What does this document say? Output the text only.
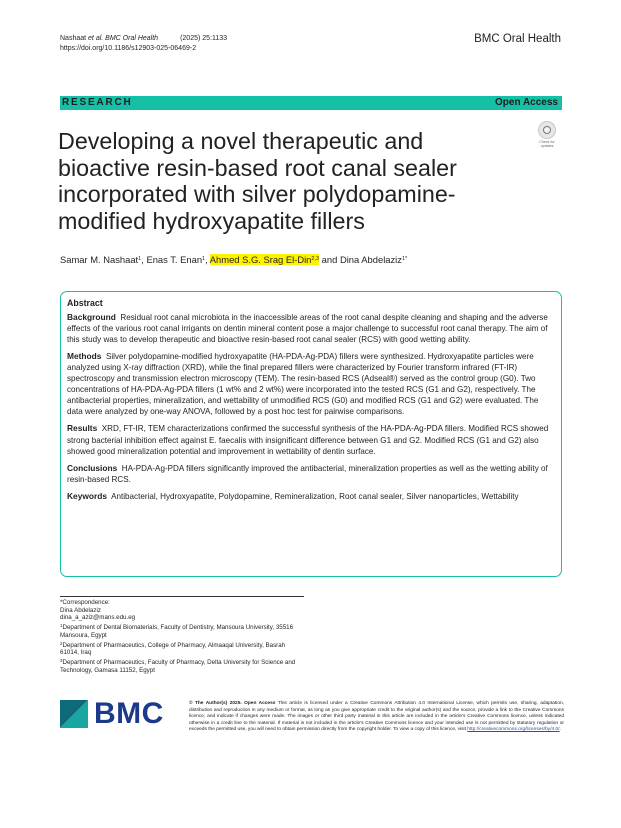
Nashaat et al. BMC Oral Health	(2025) 25:1133
https://doi.org/10.1186/s12903-025-06469-2
BMC Oral Health
RESEARCH	Open Access
Developing a novel therapeutic and bioactive resin-based root canal sealer incorporated with silver polydopamine-modified hydroxyapatite fillers
Check for updates
Samar M. Nashaat$^1$, Enas T. Enan$^1$, Ahmed S.G. Srag El-Din$^{2,3}$ and Dina Abdelaziz$^{1*}$
Abstract

Background Residual root canal microbiota in the inaccessible areas of the root canal despite cleaning and shaping and the adverse effects of the various root canal irrigants on dentin mineral content pose a major challenge to successful root canal therapy. The aim of this study was to develop therapeutic and bioactive resin-based root canal sealer (RCS) with good wetting ability.

Methods Silver polydopamine-modified hydroxyapatite (HA-PDA-Ag-PDA) fillers were synthesized. Hydroxyapatite particles were analyzed using X-ray diffraction (XRD), while the final prepared fillers were characterized by Fourier transform infrared (FT-IR) spectroscopy and transmission electron microscopy (TEM). The resin-based RCS (Adseal®) served as the control group (G0). Two concentrations of HA-PDA-Ag-PDA fillers (1 wt% and 2 wt%) were incorporated into the tested RCS (G1 and G2), respectively. The antibacterial properties, mineralization, and wettability of unmodified RCS (G0) and modified RCS (G1 and G2) were evaluated. The data were analyzed by one-way ANOVA, followed by a post hoc test for pairwise comparisons.

Results XRD, FT-IR, TEM characterizations confirmed the successful synthesis of the HA-PDA-Ag-PDA fillers. Modified RCS showed strong bacterial inhibition effect against E. faecalis with insignificant difference between G1 and G2. Modified RCS (G1 and G2) also showed good mineralization potential and improvement in wettability of dentin surface.

Conclusions HA-PDA-Ag-PDA fillers significantly improved the antibacterial, mineralization properties as well as the wetting ability of resin-based RCS.

Keywords Antibacterial, Hydroxyapatite, Polydopamine, Remineralization, Root canal sealer, Silver nanoparticles, Wettability

*Correspondence:
Dina Abdelaziz
dina_a_aziz@mans.edu.eg
$^1$Department of Dental Biomaterials, Faculty of Dentistry, Mansoura University, 35516 Mansoura, Egypt
$^2$Department of Pharmaceutics, College of Pharmacy, Almaaqal University, Basrah 61014, Iraq
$^3$Department of Pharmaceutics, Faculty of Pharmacy, Delta University for Science and Technology, Gamasa 11152, Egypt
BMC	© The Author(s) 2025. Open Access This article is licensed under a Creative Commons Attribution 4.0 International License, which permits use, sharing, adaptation, distribution and reproduction in any medium or format, as long as you give appropriate credit to the original author(s) and the source, provide a link to the Creative Commons licence, and indicate if changes were made. The images or other third party material in this article are included in the article's Creative Commons licence, unless indicated otherwise in a credit line to the material. If material is not included in the article's Creative Commons licence and your intended use is not permitted by statutory regulation or exceeds the permitted use, you will need to obtain permission directly from the copyright holder. To view a copy of this licence, visit http://creativecommons.org/licenses/by/4.0/.
